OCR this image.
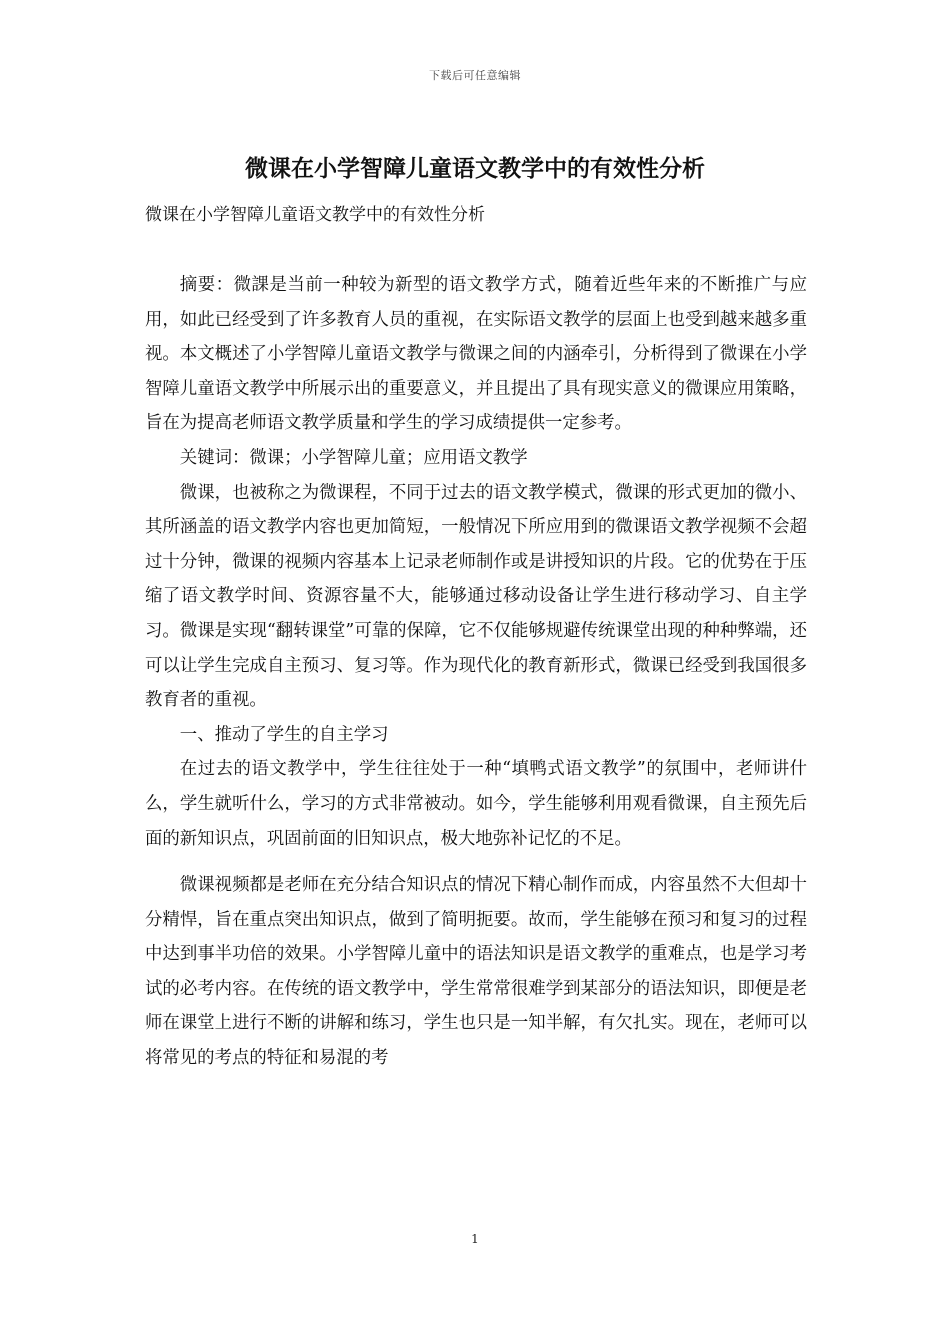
下载后可任意编辑
微课在小学智障儿童语文教学中的有效性分析
微课在小学智障儿童语文教学中的有效性分析

摘要：微課是当前一种较为新型的语文教学方式，随着近些年来的不断推广与应用，如此已经受到了许多教育人员的重视，在实际语文教学的层面上也受到越来越多重视。本文概述了小学智障儿童语文教学与微课之间的内涵牵引，分析得到了微课在小学智障儿童语文教学中所展示出的重要意义，并且提出了具有现实意义的微课应用策略，旨在为提高老师语文教学质量和学生的学习成绩提供一定参考。

关键词：微课；小学智障儿童；应用语文教学

微课，也被称之为微课程，不同于过去的语文教学模式，微课的形式更加的微小、其所涵盖的语文教学内容也更加简短，一般情况下所应用到的微课语文教学视频不会超过十分钟，微课的视频内容基本上记录老师制作或是讲授知识的片段。它的优势在于压缩了语文教学时间、资源容量不大，能够通过移动设备让学生进行移动学习、自主学习。微课是实现“翻转课堂”可靠的保障，它不仅能够规避传统课堂出现的种种弊端，还可以让学生完成自主预习、复习等。作为现代化的教育新形式，微课已经受到我国很多教育者的重视。

一、推动了学生的自主学习

在过去的语文教学中，学生往往处于一种“填鸭式语文教学”的氛围中，老师讲什么，学生就听什么，学习的方式非常被动。如今，学生能够利用观看微课，自主预先后面的新知识点，巩固前面的旧知识点，极大地弥补记忆的不足。

微课视频都是老师在充分结合知识点的情况下精心制作而成，内容虽然不大但却十分精悍，旨在重点突出知识点，做到了简明扼要。故而，学生能够在预习和复习的过程中达到事半功倍的效果。小学智障儿童中的语法知识是语文教学的重难点，也是学习考试的必考内容。在传统的语文教学中，学生常常很难学到某部分的语法知识，即便是老师在课堂上进行不断的讲解和练习，学生也只是一知半解，有欠扎实。现在，老师可以将常见的考点的特征和易混的考

1
